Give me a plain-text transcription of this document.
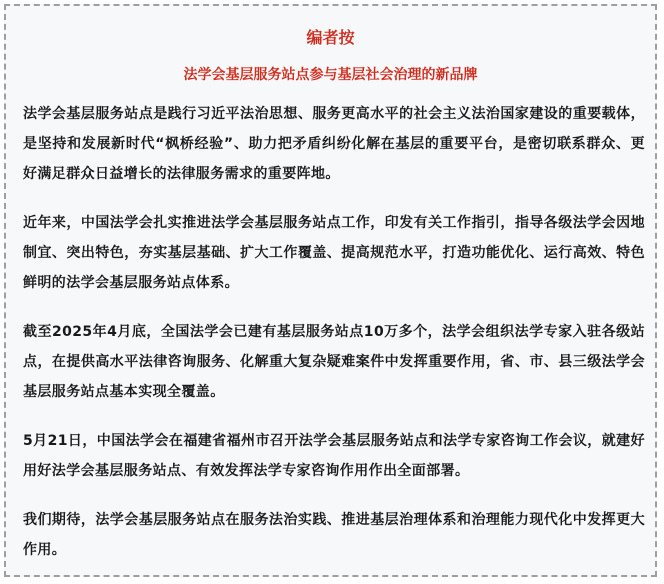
编者按

法学会基层服务站点参与基层社会治理的新品牌

法学会基层服务站点是践行习近平法治思想、服务更高水平的社会主义法治国家建设的重要载体，是坚持和发展新时代“枫桥经验”、助力把矛盾纠纷化解在基层的重要平台，是密切联系群众、更好满足群众日益增长的法律服务需求的重要阵地。

近年来，中国法学会扎实推进法学会基层服务站点工作，印发有关工作指引，指导各级法学会因地制宜、突出特色，夯实基层基础、扩大工作覆盖、提高规范水平，打造功能优化、运行高效、特色鲜明的法学会基层服务站点体系。

截至2025年4月底，全国法学会已建有基层服务站点10万多个，法学会组织法学专家入驻各级站点，在提供高水平法律咨询服务、化解重大复杂疑难案件中发挥重要作用，省、市、县三级法学会基层服务站点基本实现全覆盖。

5月21日，中国法学会在福建省福州市召开法学会基层服务站点和法学专家咨询工作会议，就建好用好法学会基层服务站点、有效发挥法学专家咨询作用作出全面部署。

我们期待，法学会基层服务站点在服务法治实践、推进基层治理体系和治理能力现代化中发挥更大作用。
